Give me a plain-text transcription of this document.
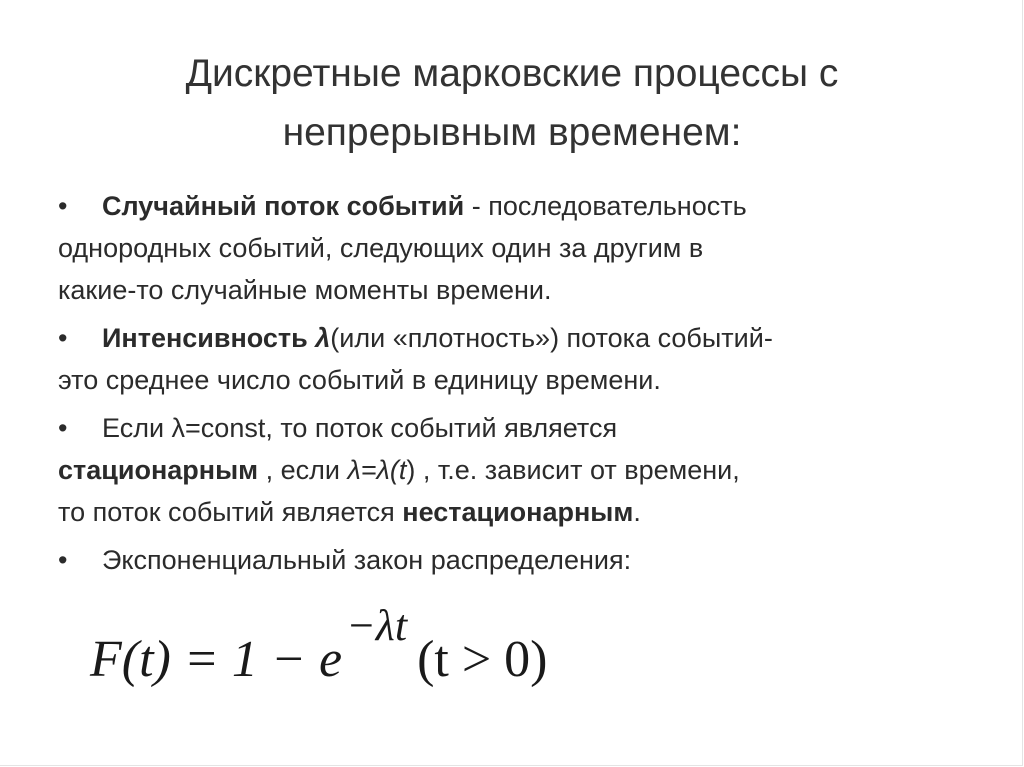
Дискретные марковские процессы с
непрерывным временем:
• Случайный поток событий - последовательность
однородных событий, следующих один за другим в
какие-то случайные моменты времени.
• Интенсивность λ(или «плотность») потока событий-
это среднее число событий в единицу времени.
• Если λ=const, то поток событий является
стационарным , если λ=λ(t) , т.е. зависит от времени,
то поток событий является нестационарным.
• Экспоненциальный закон распределения:
F(t) = 1 − e
−λt
(t > 0)
